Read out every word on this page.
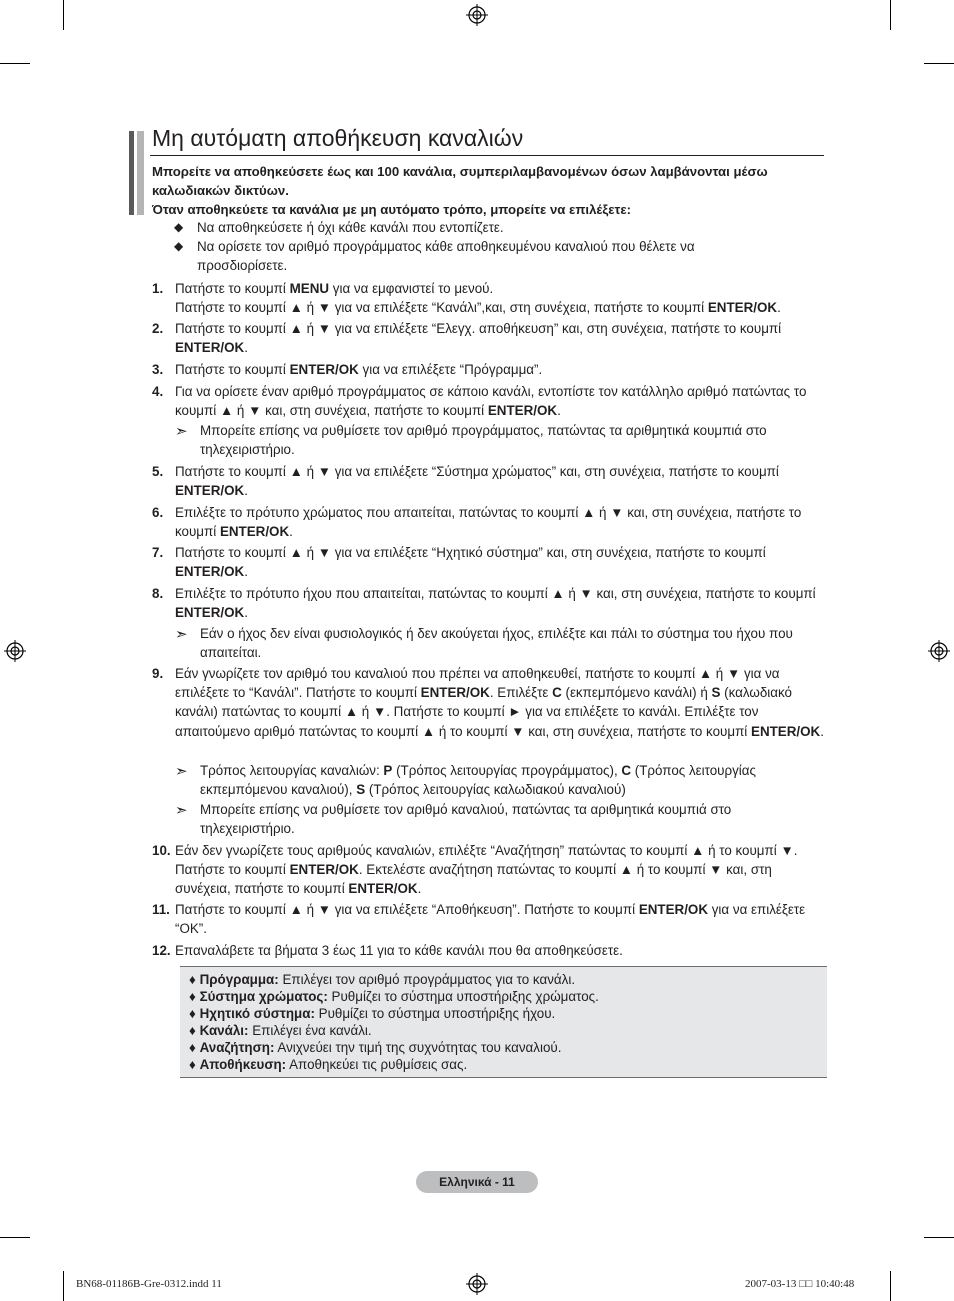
Μη αυτόματη αποθήκευση καναλιών

Μπορείτε να αποθηκεύσετε έως και 100 κανάλια, συμπεριλαμβανομένων όσων λαμβάνονται μέσω καλωδιακών δικτύων.

Όταν αποθηκεύετε τα κανάλια με μη αυτόματο τρόπο, μπορείτε να επιλέξετε:

◆ Να αποθηκεύσετε ή όχι κάθε κανάλι που εντοπίζετε.
◆ Να ορίσετε τον αριθμό προγράμματος κάθε αποθηκευμένου καναλιού που θέλετε να προσδιορίσετε.
1. Πατήστε το κουμπί MENU για να εμφανιστεί το μενού.
Πατήστε το κουμπί ▲ ή ▼ για να επιλέξετε “Κανάλι”,και, στη συνέχεια, πατήστε το κουμπί ENTER/OK.
2. Πατήστε το κουμπί ▲ ή ▼ για να επιλέξετε “Ελεγχ. αποθήκευση” και, στη συνέχεια, πατήστε το κουμπί ENTER/OK.
3. Πατήστε το κουμπί ENTER/OK για να επιλέξετε “Πρόγραμμα”.
4. Για να ορίσετε έναν αριθμό προγράμματος σε κάποιο κανάλι, εντοπίστε τον κατάλληλο αριθμό πατώντας το κουμπί ▲ ή ▼ και, στη συνέχεια, πατήστε το κουμπί ENTER/OK.
➣ Μπορείτε επίσης να ρυθμίσετε τον αριθμό προγράμματος, πατώντας τα αριθμητικά κουμπιά στο τηλεχειριστήριο.
5. Πατήστε το κουμπί ▲ ή ▼ για να επιλέξετε “Σύστημα χρώματος” και, στη συνέχεια, πατήστε το κουμπί ENTER/OK.
6. Επιλέξτε το πρότυπο χρώματος που απαιτείται, πατώντας το κουμπί ▲ ή ▼ και, στη συνέχεια, πατήστε το κουμπί ENTER/OK.
7. Πατήστε το κουμπί ▲ ή ▼ για να επιλέξετε “Ηχητικό σύστημα” και, στη συνέχεια, πατήστε το κουμπί ENTER/OK.
8. Επιλέξτε το πρότυπο ήχου που απαιτείται, πατώντας το κουμπί ▲ ή ▼ και, στη συνέχεια, πατήστε το κουμπί ENTER/OK.
➣ Εάν ο ήχος δεν είναι φυσιολογικός ή δεν ακούγεται ήχος, επιλέξτε και πάλι το σύστημα του ήχου που απαιτείται.
9. Εάν γνωρίζετε τον αριθμό του καναλιού που πρέπει να αποθηκευθεί, πατήστε το κουμπί ▲ ή ▼ για να επιλέξετε το “Κανάλι”. Πατήστε το κουμπί ENTER/OK. Επιλέξτε C (εκπεμπόμενο κανάλι) ή S (καλωδιακό κανάλι) πατώντας το κουμπί ▲ ή ▼. Πατήστε το κουμπί ► για να επιλέξετε το κανάλι. Επιλέξτε τον απαιτούμενο αριθμό πατώντας το κουμπί ▲ ή το κουμπί ▼ και, στη συνέχεια, πατήστε το κουμπί ENTER/OK.
➣ Τρόπος λειτουργίας καναλιών: P (Τρόπος λειτουργίας προγράμματος), C (Τρόπος λειτουργίας εκπεμπόμενου καναλιού), S (Τρόπος λειτουργίας καλωδιακού καναλιού)
➣ Μπορείτε επίσης να ρυθμίσετε τον αριθμό καναλιού, πατώντας τα αριθμητικά κουμπιά στο τηλεχειριστήριο.
10. Εάν δεν γνωρίζετε τους αριθμούς καναλιών, επιλέξτε “Αναζήτηση” πατώντας το κουμπί ▲ ή το κουμπί ▼. Πατήστε το κουμπί ENTER/OK. Εκτελέστε αναζήτηση πατώντας το κουμπί ▲ ή το κουμπί ▼ και, στη συνέχεια, πατήστε το κουμπί ENTER/OK.
11. Πατήστε το κουμπί ▲ ή ▼ για να επιλέξετε “Αποθήκευση”. Πατήστε το κουμπί ENTER/OK για να επιλέξετε “OK”.
12. Επαναλάβετε τα βήματα 3 έως 11 για το κάθε κανάλι που θα αποθηκεύσετε.
♦ Πρόγραμμα: Επιλέγει τον αριθμό προγράμματος για το κανάλι.
♦ Σύστημα χρώματος: Ρυθμίζει το σύστημα υποστήριξης χρώματος.
♦ Ηχητικό σύστημα: Ρυθμίζει το σύστημα υποστήριξης ήχου.
♦ Κανάλι: Επιλέγει ένα κανάλι.
♦ Αναζήτηση: Ανιχνεύει την τιμή της συχνότητας του καναλιού.
♦ Αποθήκευση: Αποθηκεύει τις ρυθμίσεις σας.
Ελληνικά - 11
BN68-01186B-Gre-0312.indd 11	2007-03-13 □□ 10:40:48
